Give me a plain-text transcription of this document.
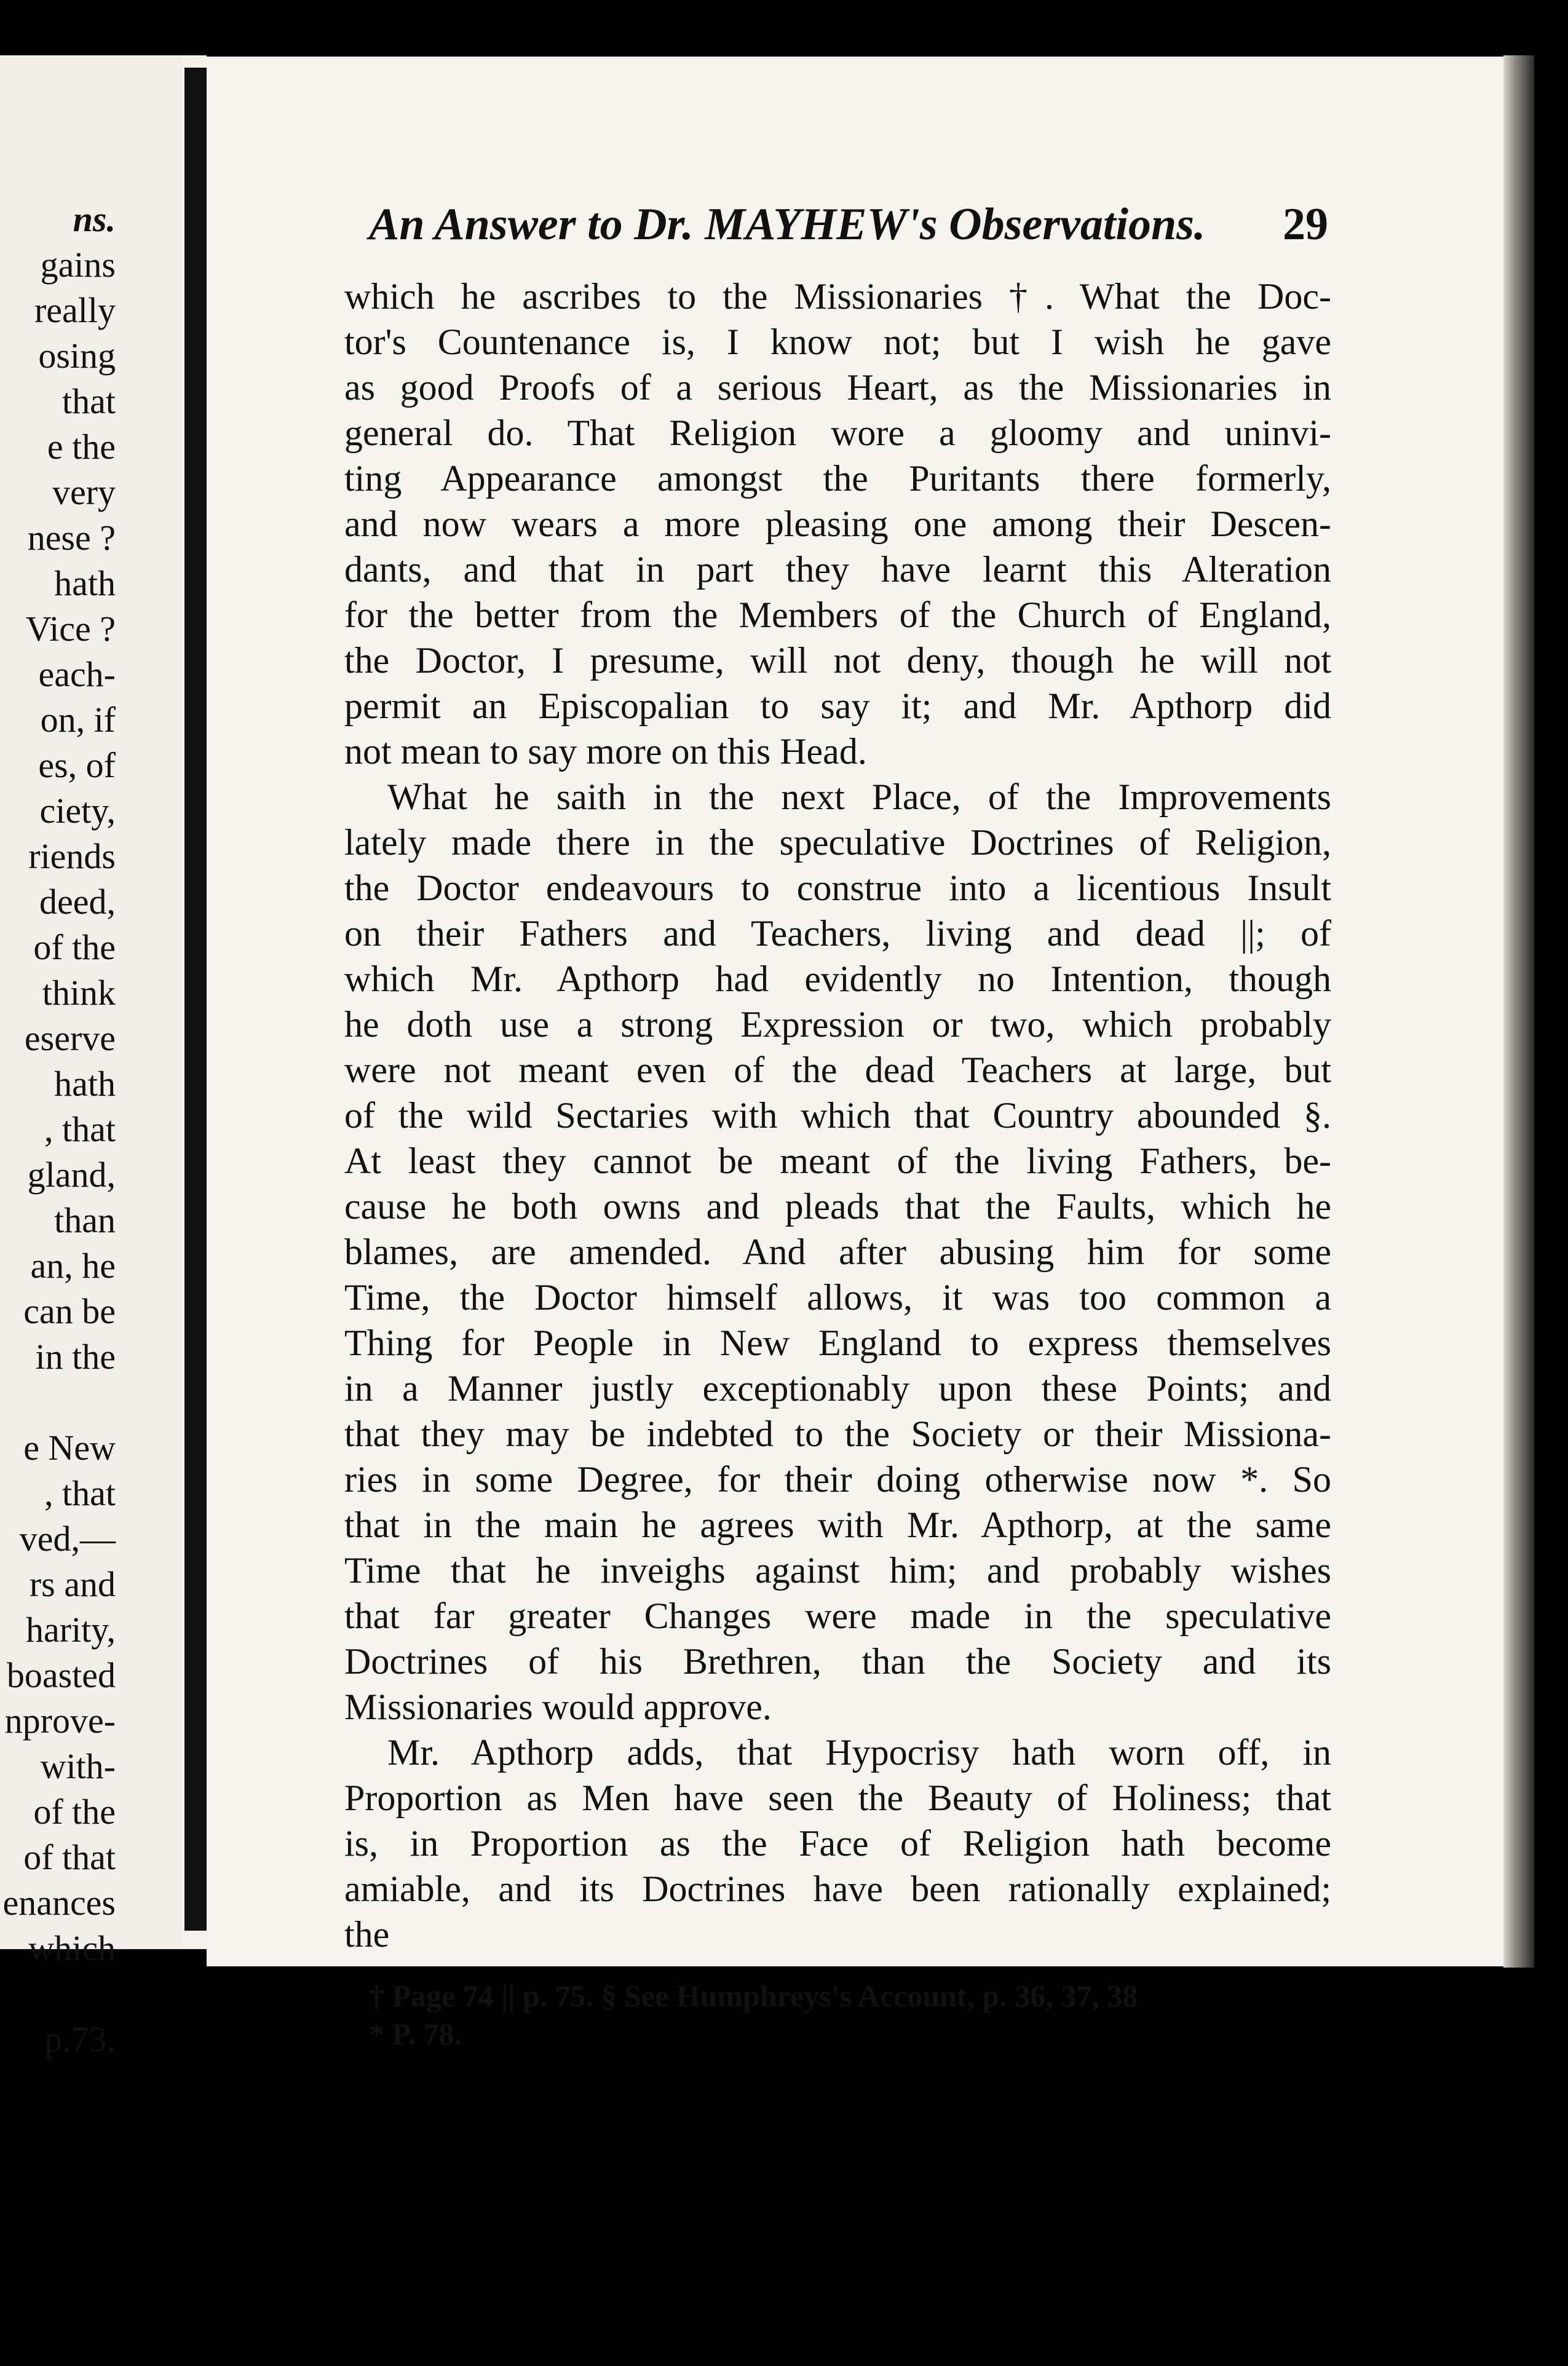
ns.
gains
really
osing
that
e the
very
nese ?
hath
Vice ?
each-
on, if
es, of
ciety,
riends
deed,
of the
think
eserve
hath
, that
gland,
than
an, he
can be
in the
e New
, that
ved,—
rs and
harity,
boasted
nprove-
with-
of the
of that
enances
which
p.73.
An Answer to Dr. MAYHEW's Observations. 29
which he ascribes to the Missionaries †. What the Doc-
tor's Countenance is, I know not; but I wish he gave
as good Proofs of a serious Heart, as the Missionaries in
general do. That Religion wore a gloomy and uninvi-
ting Appearance amongst the Puritants there formerly,
and now wears a more pleasing one among their Descen-
dants, and that in part they have learnt this Alteration
for the better from the Members of the Church of England,
the Doctor, I presume, will not deny, though he will not
permit an Episcopalian to say it; and Mr. Apthorp did
not mean to say more on this Head.
What he saith in the next Place, of the Improvements
lately made there in the speculative Doctrines of Religion,
the Doctor endeavours to construe into a licentious Insult
on their Fathers and Teachers, living and dead ||; of
which Mr. Apthorp had evidently no Intention, though
he doth use a strong Expression or two, which probably
were not meant even of the dead Teachers at large, but
of the wild Sectaries with which that Country abounded §.
At least they cannot be meant of the living Fathers, be-
cause he both owns and pleads that the Faults, which he
blames, are amended. And after abusing him for some
Time, the Doctor himself allows, it was too common a
Thing for People in New England to express themselves
in a Manner justly exceptionably upon these Points; and
that they may be indebted to the Society or their Missiona-
ries in some Degree, for their doing otherwise now *. So
that in the main he agrees with Mr. Apthorp, at the same
Time that he inveighs against him; and probably wishes
that far greater Changes were made in the speculative
Doctrines of his Brethren, than the Society and its
Missionaries would approve.
Mr. Apthorp adds, that Hypocrisy hath worn off, in
Proportion as Men have seen the Beauty of Holiness; that
is, in Proportion as the Face of Religion hath become
amiable, and its Doctrines have been rationally explained;
the
† Page 74 || p. 75. § See Humphreys's Account, p. 36, 37, 38
* P. 78.
